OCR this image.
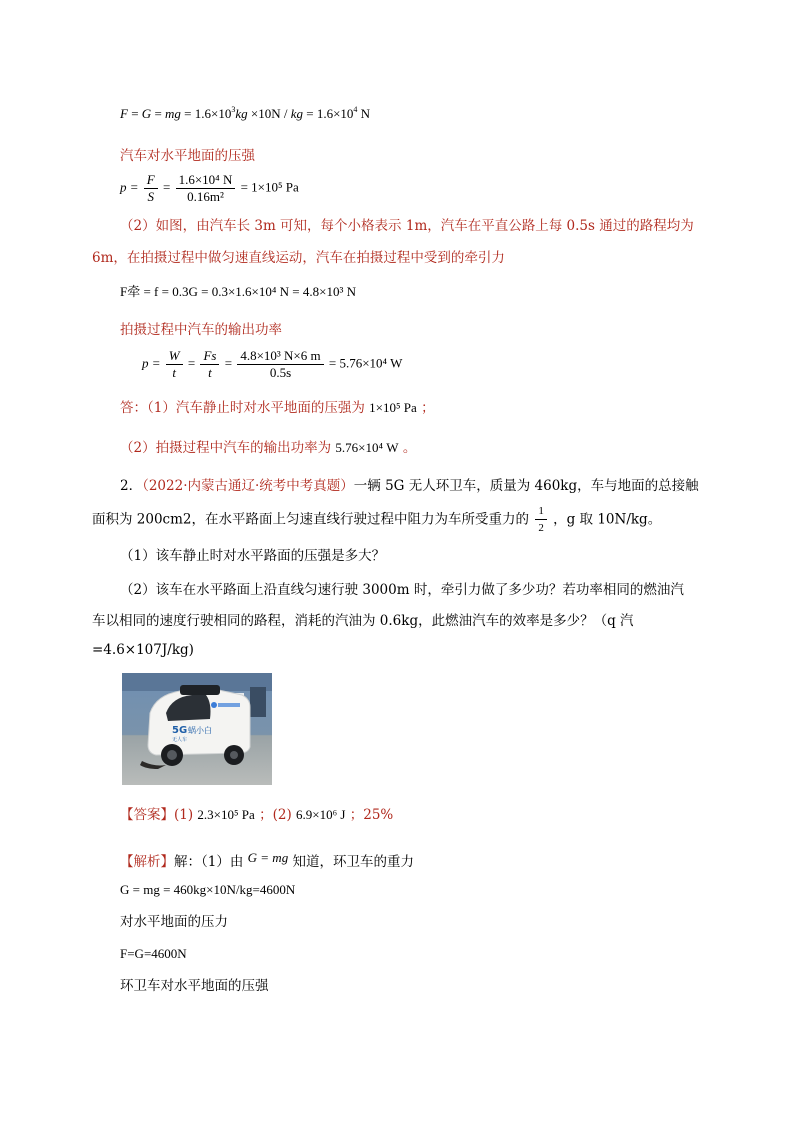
F = G = mg = $1.6\times 10^3kg \times 10N$ / kg = $1.6\times 10^4$ N
汽车对水平地面的压强
$p = \frac{F}{S} = \frac{\text{1.6×10⁴ N}}{\text{0.16m²}} = 1\times 10^5$ Pa
（2）如图，由汽车长 3m 可知，每个小格表示 1m，汽车在平直公路上每 0.5s 通过的路程均为
6m，在拍摄过程中做匀速直线运动，汽车在拍摄过程中受到的牵引力
F牵 = f = 0.3G = 0.3×1.6×10⁴ N = 4.8×10³ N
拍摄过程中汽车的输出功率
$p = \frac{W}{t} = \frac{Fs}{t} = \frac{\text{4.8×10³ N×6 m}}{0.5s} = 5.76\times 10^4$ W
答：（1）汽车静止时对水平地面的压强为 1×10⁵ Pa ；
（2）拍摄过程中汽车的输出功率为 5.76×10⁴ W 。
2．（2022·内蒙古通辽·统考中考真题）一辆 5G 无人环卫车，质量为 460kg，车与地面的总接触
面积为 200cm2，在水平路面上匀速直线行驶过程中阻力为车所受重力的 $\frac{1}{2}$ ，g 取 10N/kg。
（1）该车静止时对水平路面的压强是多大？
（2）该车在水平路面上沿直线匀速行驶 3000m 时，牵引力做了多少功？若功率相同的燃油汽
车以相同的速度行驶相同的路程，消耗的汽油为 0.6kg，此燃油汽车的效率是多少？（q 汽
=4.6×107J/kg)
5G 蜗小白
无人车
【答案】(1) 2.3×10⁵ Pa ；(2) 6.9×10⁶ J ；25%
【解析】解：（1）由 G = mg 知道，环卫车的重力
G = mg = 460kg×10N/kg=4600N
对水平地面的压力
F=G=4600N
环卫车对水平地面的压强
